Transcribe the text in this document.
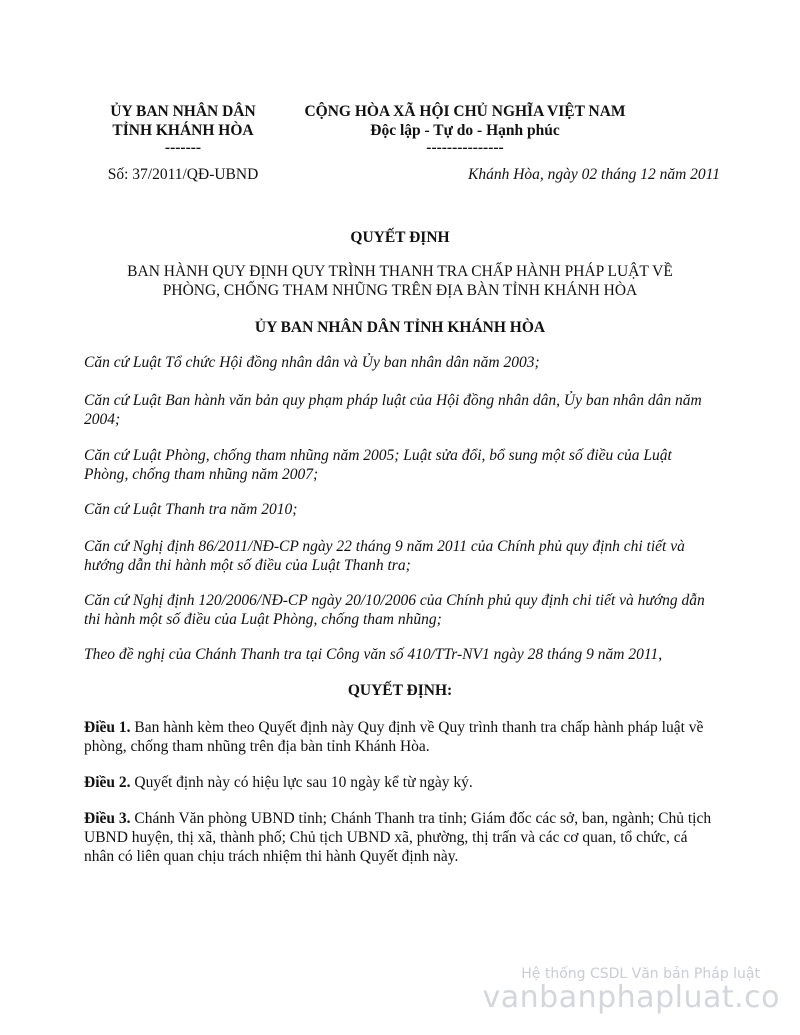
ỦY BAN NHÂN DÂN
TỈNH KHÁNH HÒA
-------
Số: 37/2011/QĐ-UBND
CỘNG HÒA XÃ HỘI CHỦ NGHĨA VIỆT NAM
Độc lập - Tự do - Hạnh phúc
---------------
Khánh Hòa, ngày 02 tháng 12 năm 2011
QUYẾT ĐỊNH
BAN HÀNH QUY ĐỊNH QUY TRÌNH THANH TRA CHẤP HÀNH PHÁP LUẬT VỀ
PHÒNG, CHỐNG THAM NHŨNG TRÊN ĐỊA BÀN TỈNH KHÁNH HÒA
ỦY BAN NHÂN DÂN TỈNH KHÁNH HÒA
Căn cứ Luật Tổ chức Hội đồng nhân dân và Ủy ban nhân dân năm 2003;
Căn cứ Luật Ban hành văn bản quy phạm pháp luật của Hội đồng nhân dân, Ủy ban nhân dân năm 2004;
Căn cứ Luật Phòng, chống tham nhũng năm 2005; Luật sửa đổi, bổ sung một số điều của Luật Phòng, chống tham nhũng năm 2007;
Căn cứ Luật Thanh tra năm 2010;
Căn cứ Nghị định 86/2011/NĐ-CP ngày 22 tháng 9 năm 2011 của Chính phủ quy định chi tiết và hướng dẫn thi hành một số điều của Luật Thanh tra;
Căn cứ Nghị định 120/2006/NĐ-CP ngày 20/10/2006 của Chính phủ quy định chi tiết và hướng dẫn thi hành một số điều của Luật Phòng, chống tham nhũng;
Theo đề nghị của Chánh Thanh tra tại Công văn số 410/TTr-NV1 ngày 28 tháng 9 năm 2011,
QUYẾT ĐỊNH:
Điều 1. Ban hành kèm theo Quyết định này Quy định về Quy trình thanh tra chấp hành pháp luật về phòng, chống tham nhũng trên địa bàn tỉnh Khánh Hòa.
Điều 2. Quyết định này có hiệu lực sau 10 ngày kể từ ngày ký.
Điều 3. Chánh Văn phòng UBND tỉnh; Chánh Thanh tra tỉnh; Giám đốc các sở, ban, ngành; Chủ tịch UBND huyện, thị xã, thành phố; Chủ tịch UBND xã, phường, thị trấn và các cơ quan, tổ chức, cá nhân có liên quan chịu trách nhiệm thi hành Quyết định này.
Hệ thống CSDL Văn bản Pháp luật
vanbanphapluat.co
